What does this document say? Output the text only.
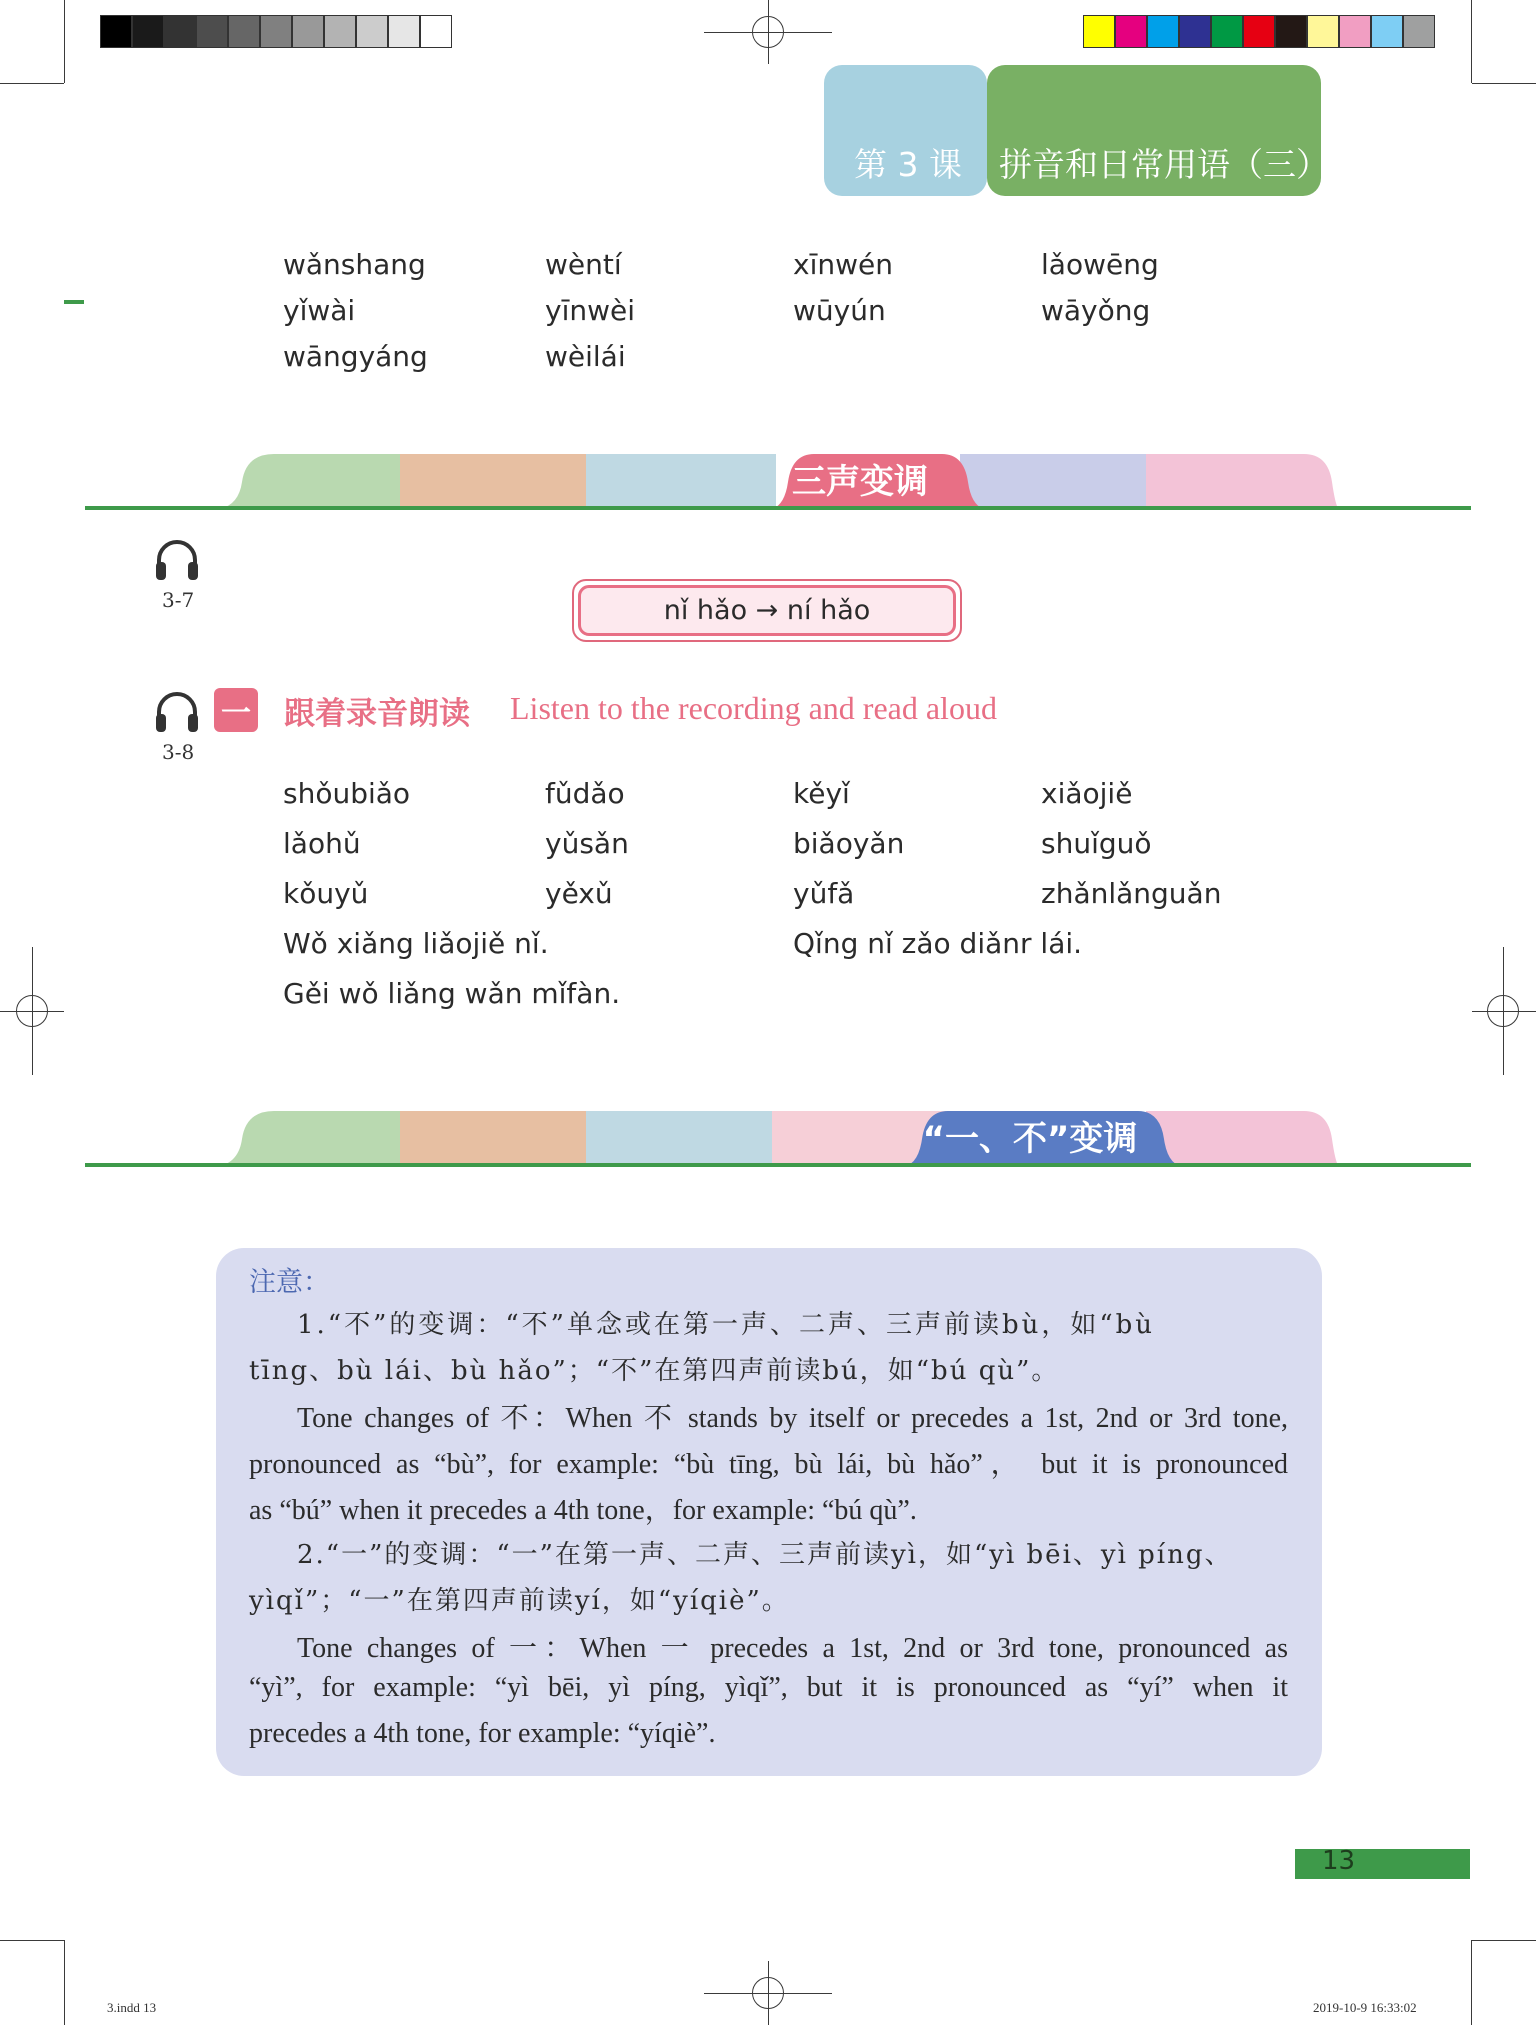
第 3 课 拼音和日常用语（三）
wǎnshang	wèntí	xīnwén	lǎowēng
yǐwài	yīnwèi	wūyún	wāyǒng
wāngyáng	wèilái
三声变调
3-7	nǐ hǎo → ní hǎo
3-8
一 跟着录音朗读 Listen to the recording and read aloud
shǒubiǎo	fǔdǎo	kěyǐ	xiǎojiě
lǎohǔ	yǔsǎn	biǎoyǎn	shuǐguǒ
kǒuyǔ	yěxǔ	yǔfǎ	zhǎnlǎnguǎn
Wǒ xiǎng liǎojiě nǐ.	Qǐng nǐ zǎo diǎnr lái.
Gěi wǒ liǎng wǎn mǐfàn.
“一、不”变调
注意：
1.“不”的变调：“不”单念或在第一声、二声、三声前读bù，如“bù
tīng、bù lái、bù hǎo”；“不”在第四声前读bú，如“bú qù”。
Tone changes of 不：When 不 stands by itself or precedes a 1st, 2nd or 3rd tone,
pronounced as “bù”, for example: “bù tīng, bù lái, bù hǎo”， but it is pronounced
as “bú” when it precedes a 4th tone，for example: “bú qù”.
2.“一”的变调：“一”在第一声、二声、三声前读yì，如“yì bēi、yì píng、
yìqǐ”；“一”在第四声前读yí，如“yíqiè”。
Tone changes of 一：When 一 precedes a 1st, 2nd or 3rd tone, pronounced as
“yì”, for example: “yì bēi, yì píng, yìqǐ”, but it is pronounced as “yí” when it
precedes a 4th tone, for example: “yíqiè”.
13
3.indd 13	2019-10-9 16:33:02
